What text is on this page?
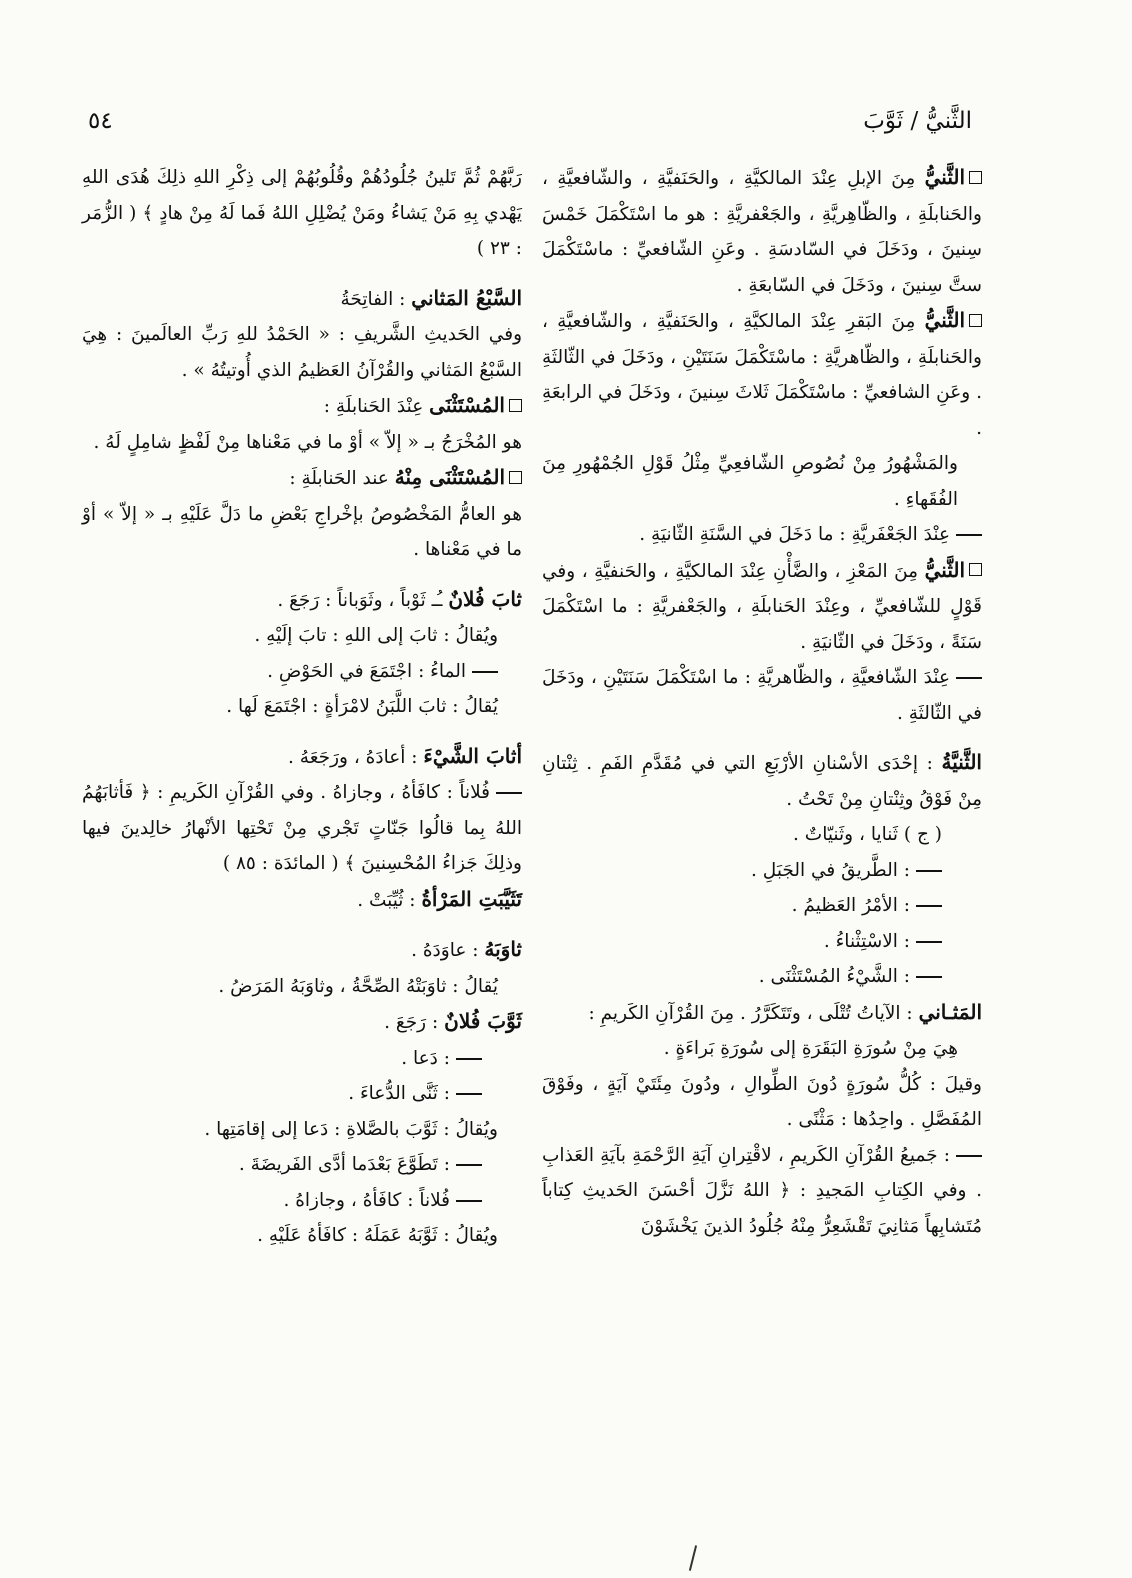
الثَّنيُّ / ثَوَّبَ
٥٤
الثَّنيُّ مِنَ الإبلِ عِنْدَ المالكيَّةِ ، والحَنَفيَّةِ ، والشّافعيَّةِ ، والحَنابلَةِ ، والظّاهِريَّةِ ، والجَعْفريَّةِ : هو ما اسْتَكْمَلَ خَمْسَ سِنينَ ، ودَخَلَ في السّادسَةِ . وعَنِ الشّافعيِّ : ماسْتَكْمَلَ ستَّ سِنينَ ، ودَخَلَ في السّابعَةِ .
الثَّنيُّ مِنَ البَقرِ عِنْدَ المالكيَّةِ ، والحَنَفيَّةِ ، والشّافعيَّةِ ، والحَنابلَةِ ، والظّاهريَّةِ : ماسْتَكْمَلَ سَنَتَيْنِ ، ودَخَلَ في الثّالثَةِ . وعَنِ الشافعيِّ : ماسْتَكْمَلَ ثَلاثَ سِنينَ ، ودَخَلَ في الرابعَةِ .
والمَشْهُورُ مِنْ نُصُوصِ الشّافعِيِّ مِثْلُ قَوْلِ الجُمْهُورِ مِنَ الفُقَهاءِ .
عِنْدَ الجَعْفَريَّةِ : ما دَخَلَ في السَّنَةِ الثّانيَةِ .
الثَّنيُّ مِنَ المَعْزِ ، والضَّأْنِ عِنْدَ المالكيَّةِ ، والحَنفيَّةِ ، وفي قَوْلٍ للشّافعيِّ ، وعِنْدَ الحَنابلَةِ ، والجَعْفريَّةِ : ما اسْتَكْمَلَ سَنَةً ، ودَخَلَ في الثّانيَةِ .
عِنْدَ الشّافعيَّةِ ، والظّاهريَّةِ : ما اسْتَكْمَلَ سَنَتَيْنِ ، ودَخَلَ في الثّالثَةِ .
الثَّنيَّةُ : إحْدَى الأسْنانِ الأرْبَعِ التي في مُقَدَّمِ الفَمِ . ثِنْتانِ مِنْ فَوْقُ وثِنْتانِ مِنْ تَحْتُ .
( ج ) ثَنايا ، وثَنيّاتٌ .
: الطَّريقُ في الجَبَلِ .
: الأمْرُ العَظيمُ .
: الاسْتِثْناءُ .
: الشَّيْءُ المُسْتَثْنَى .
المَثـاني : الآياتُ تُتْلَى ، وتَتَكَرَّرُ . مِنَ القُرْآنِ الكَريمِ :
هِيَ مِنْ سُورَةِ البَقَرَةِ إلى سُورَةِ بَراءَةٍ .
وقيلَ : كُلُّ سُورَةٍ دُونَ الطِّوالِ ، ودُونَ مِئَتَيْ آيَةٍ ، وفَوْقَ المُفَصَّلِ . واحِدُها : مَثْنًى .
: جَميعُ القُرْآنِ الكَريمِ ، لاقْتِرانِ آيَةِ الرَّحْمَةِ بآيَةِ العَذابِ . وفي الكِتابِ المَجيدِ : ﴿ اللهُ نَزَّلَ أحْسَنَ الحَديثِ كِتاباً مُتَشابِهاً مَثانِيَ تَقْشَعِرُّ مِنْهُ جُلُودُ الذينَ يَخْشَوْنَ
رَبَّهُمْ ثُمَّ تَلينُ جُلُودُهُمْ وقُلُوبُهُمْ إلى ذِكْرِ اللهِ ذلِكَ هُدَى اللهِ يَهْدي بِهِ مَنْ يَشاءُ ومَنْ يُضْلِلِ اللهُ فَما لَهُ مِنْ هادٍ ﴾ ( الزُّمَر : ٢٣ )
السَّبْعُ المَثاني : الفاتِحَةُ
وفي الحَديثِ الشَّريفِ : « الحَمْدُ للهِ رَبِّ العالَمينَ : هِيَ السَّبْعُ المَثاني والقُرْآنُ العَظيمُ الذي أُوتيتُهُ » .
المُسْتَثْنَى عِنْدَ الحَنابلَةِ :
هو المُخْرَجُ بـ « إلاّ » أوْ ما في مَعْناها مِنْ لَفْظٍ شامِلٍ لَهُ .
المُسْتَثْنَى مِنْهُ عند الحَنابلَةِ :
هو العامُّ المَخْصُوصُ بإخْراجِ بَعْضِ ما دَلَّ عَلَيْهِ بـ « إلاّ » أوْ ما في مَعْناها .
ثابَ فُلانٌ ـُـ ثَوْباً ، وثَوَباناً : رَجَعَ .
ويُقالُ : ثابَ إلى اللهِ : تابَ إلَيْهِ .
الماءُ : اجْتَمَعَ في الحَوْضِ .
يُقالُ : ثابَ اللَّبَنُ لامْرَأةٍ : اجْتَمَعَ لَها .
أثابَ الشَّيْءَ : أعادَهُ ، ورَجَعَهُ .
فُلاناً : كافَأهُ ، وجازاهُ . وفي القُرْآنِ الكَريمِ : ﴿ فَأثابَهُمُ اللهُ بِما قالُوا جَنّاتٍ تَجْري مِنْ تَحْتِها الأنْهارُ خالِدينَ فيها وذلِكَ جَزاءُ المُحْسِنينَ ﴾ ( المائدَة : ٨٥ )
تَثَيَّبَتِ المَرْأةُ : ثُيِّبَتْ .
ثاوَبَهُ : عاوَدَهُ .
يُقالُ : ثاوَبَتْهُ الصِّحَّةُ ، وثاوَبَهُ المَرَضُ .
ثَوَّبَ فُلانٌ : رَجَعَ .
: دَعا .
: ثَنَّى الدُّعاءَ .
ويُقالُ : ثَوَّبَ بالصَّلاةِ : دَعا إلى إقامَتِها .
: تَطَوَّعَ بَعْدَما أدَّى الفَريضَةَ .
فُلاناً : كافَأهُ ، وجازاهُ .
ويُقالُ : ثَوَّبَهُ عَمَلَهُ : كافَأهُ عَلَيْهِ .
